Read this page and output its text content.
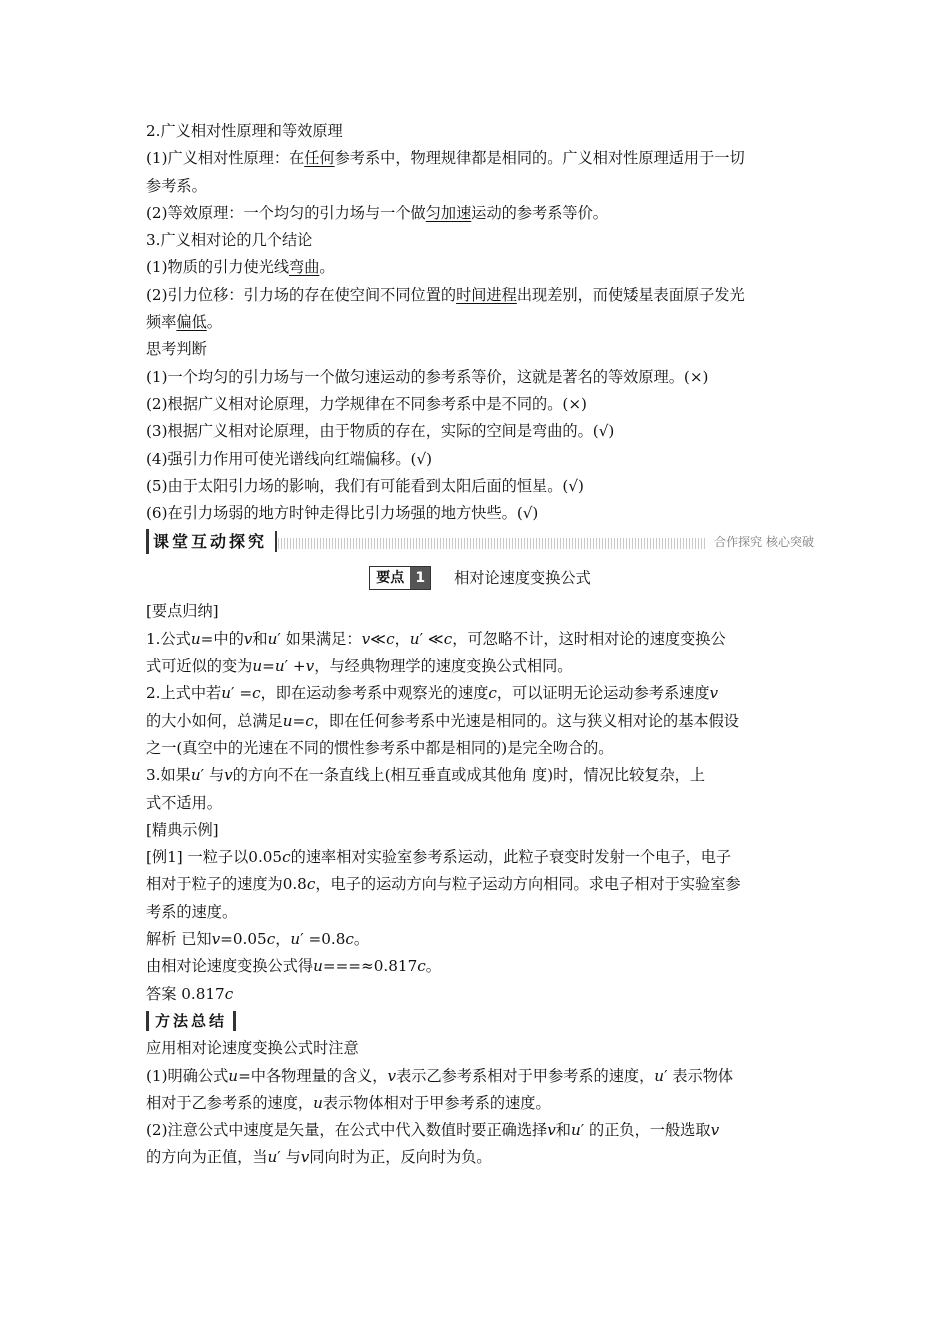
2.广义相对性原理和等效原理
(1)广义相对性原理：在任何参考系中，物理规律都是相同的。广义相对性原理适用于一切
参考系。
(2)等效原理：一个均匀的引力场与一个做匀加速运动的参考系等价。
3.广义相对论的几个结论
(1)物质的引力使光线弯曲。
(2)引力位移：引力场的存在使空间不同位置的时间进程出现差别，而使矮星表面原子发光
频率偏低。
思考判断
(1)一个均匀的引力场与一个做匀速运动的参考系等价，这就是著名的等效原理。(×)
(2)根据广义相对论原理，力学规律在不同参考系中是不同的。(×)
(3)根据广义相对论原理，由于物质的存在，实际的空间是弯曲的。(√)
(4)强引力作用可使光谱线向红端偏移。(√)
(5)由于太阳引力场的影响，我们有可能看到太阳后面的恒星。(√)
(6)在引力场弱的地方时钟走得比引力场强的地方快些。(√)
课堂互动探究	合作探究 核心突破
要点 1	相对论速度变换公式
[要点归纳]
1.公式u=中的v和u′ 如果满足：v≪c，u′ ≪c，可忽略不计，这时相对论的速度变换公
式可近似的变为u=u′ +v，与经典物理学的速度变换公式相同。
2.上式中若u′ =c，即在运动参考系中观察光的速度c，可以证明无论运动参考系速度v
的大小如何，总满足u=c，即在任何参考系中光速是相同的。这与狭义相对论的基本假设
之一(真空中的光速在不同的惯性参考系中都是相同的)是完全吻合的。
3.如果u′ 与v的方向不在一条直线上(相互垂直或成其他角 度)时，情况比较复杂，上
式不适用。
[精典示例]
[例1] 一粒子以0.05c的速率相对实验室参考系运动，此粒子衰变时发射一个电子，电子
相对于粒子的速度为0.8c，电子的运动方向与粒子运动方向相同。求电子相对于实验室参
考系的速度。
解析 已知v=0.05c，u′ =0.8c。
由相对论速度变换公式得u===≈0.817c。
答案 0.817c
方法总结
应用相对论速度变换公式时注意
(1)明确公式u=中各物理量的含义，v表示乙参考系相对于甲参考系的速度，u′ 表示物体
相对于乙参考系的速度，u表示物体相对于甲参考系的速度。
(2)注意公式中速度是矢量，在公式中代入数值时要正确选择v和u′ 的正负，一般选取v
的方向为正值，当u′ 与v同向时为正，反向时为负。
